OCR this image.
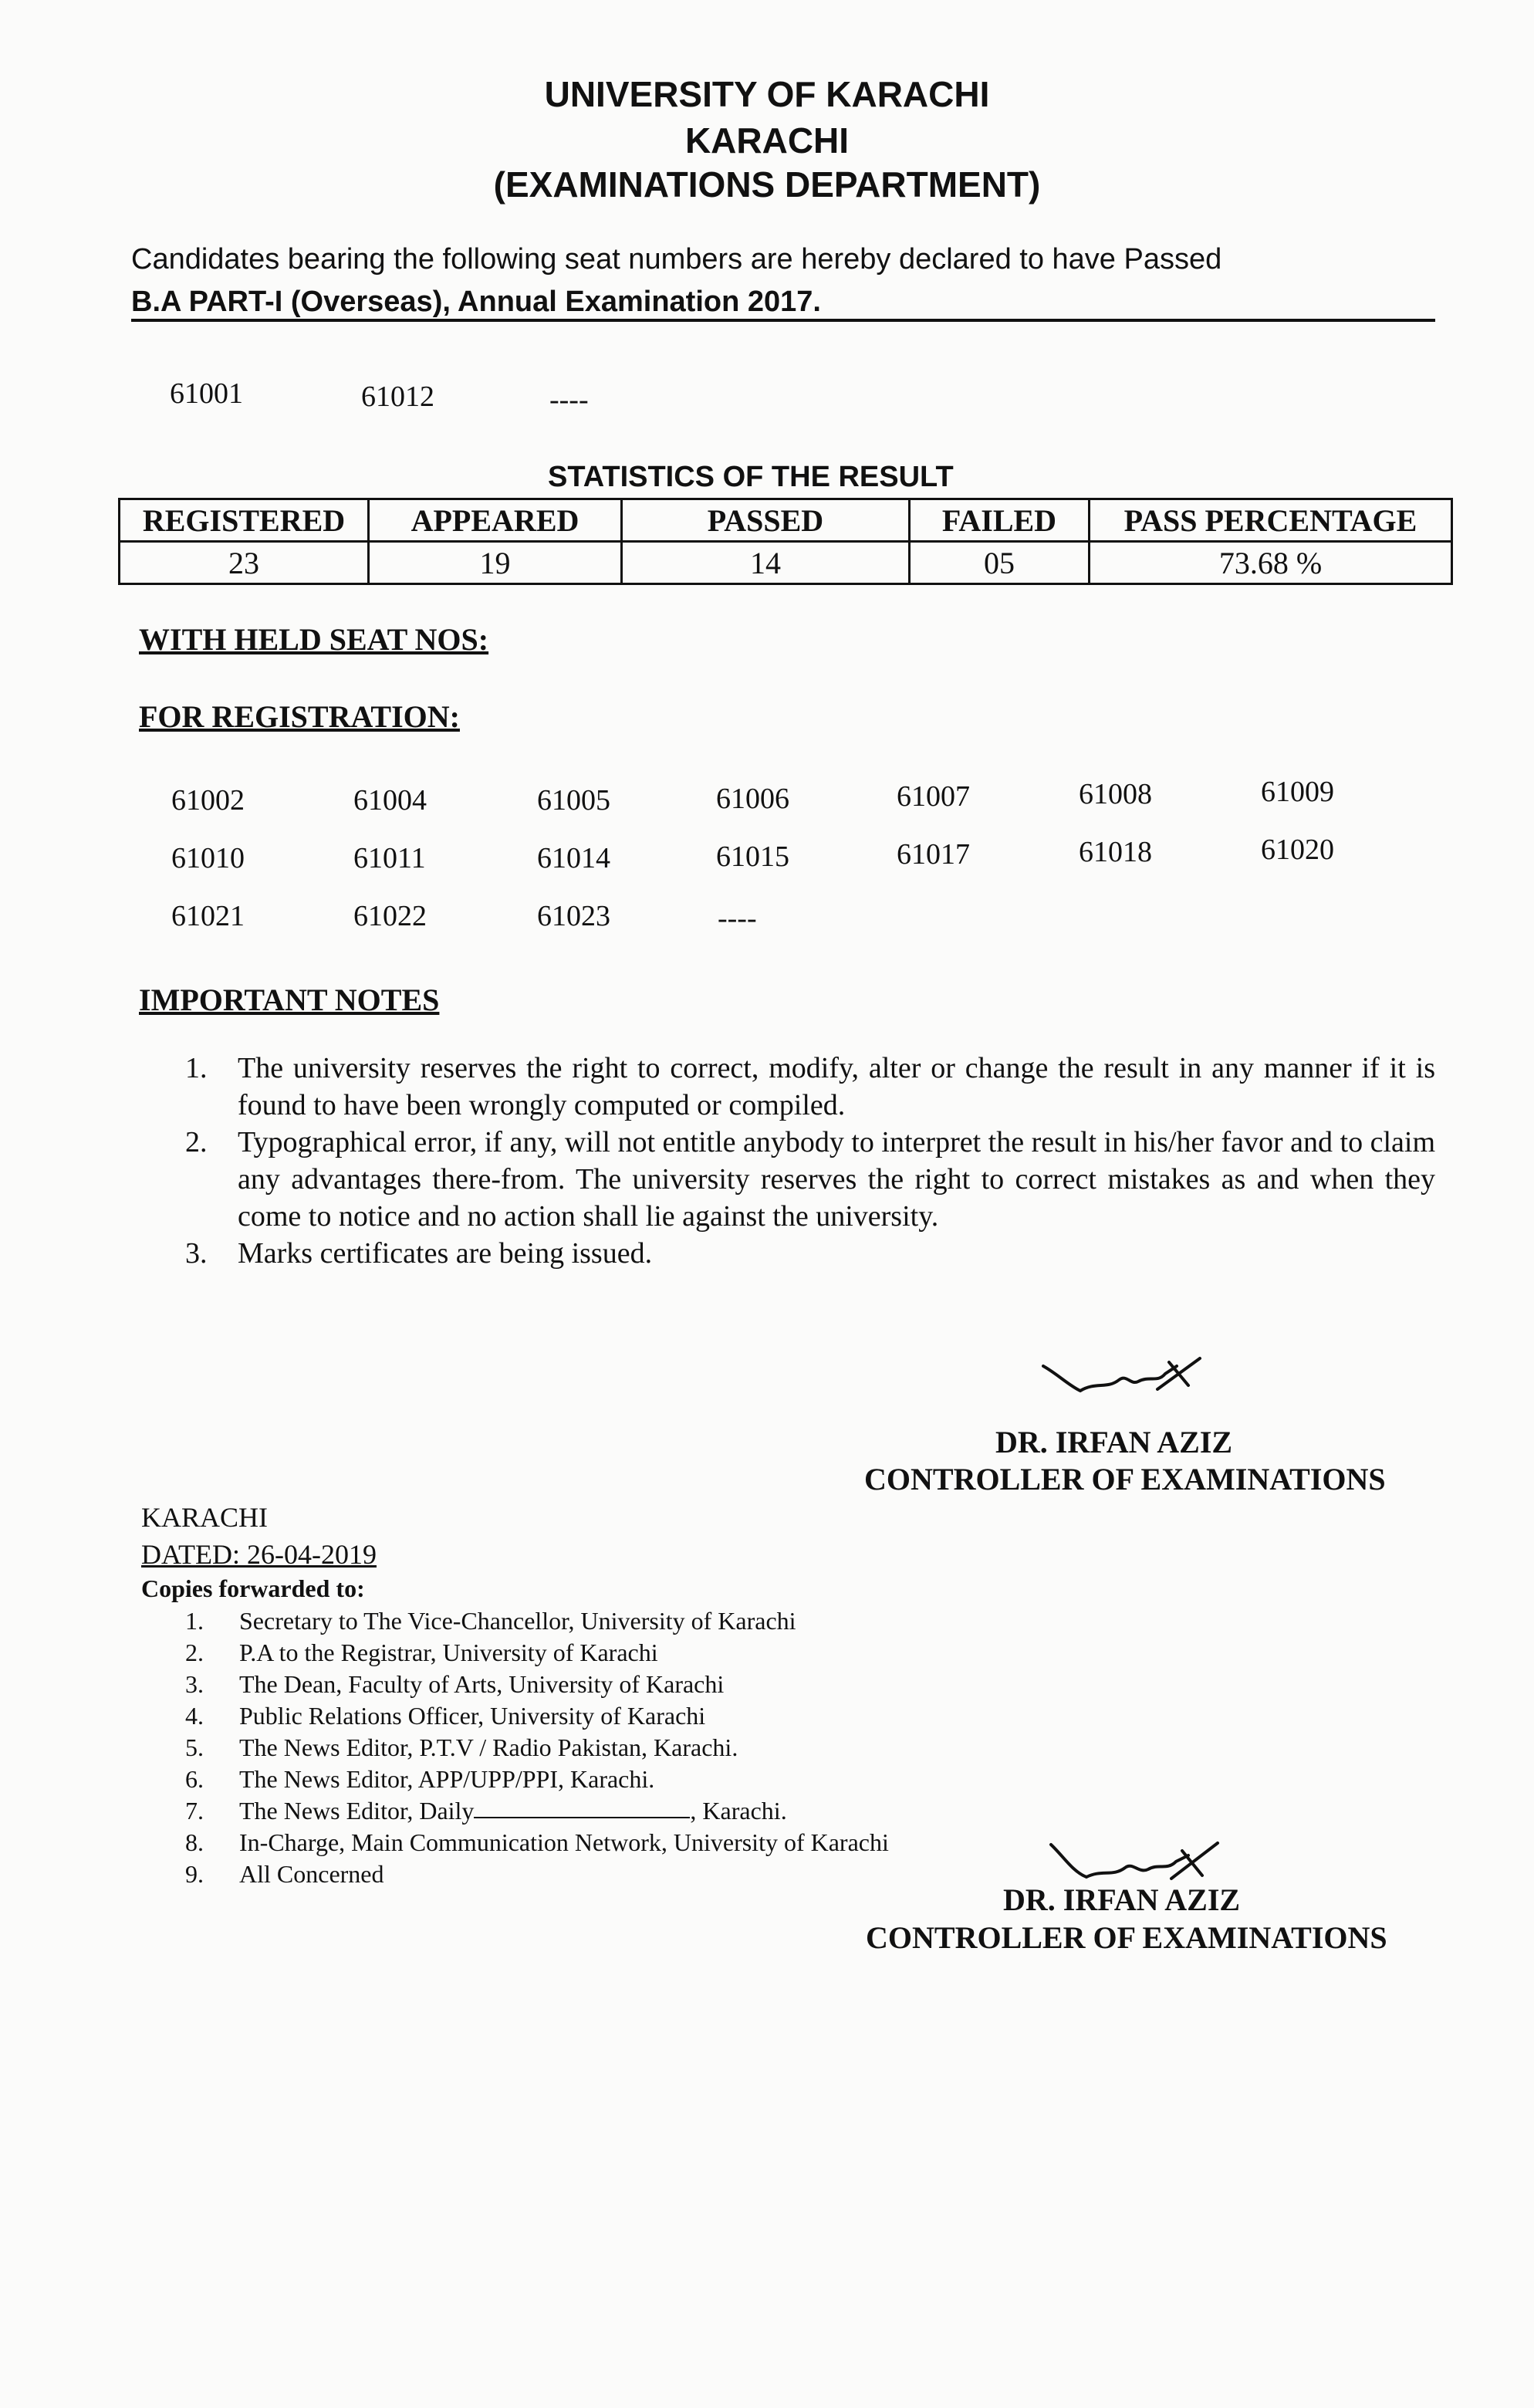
UNIVERSITY OF KARACHI
KARACHI
(EXAMINATIONS DEPARTMENT)
Candidates bearing the following seat numbers are hereby declared to have Passed
B.A PART-I (Overseas), Annual Examination 2017.
61001	61012	----
STATISTICS OF THE RESULT
REGISTERED	APPEARED	PASSED	FAILED	PASS PERCENTAGE
23	19	14	05	73.68 %
WITH HELD SEAT NOS:
FOR REGISTRATION:
61002	61004	61005	61006	61007	61008	61009
61010	61011	61014	61015	61017	61018	61020
61021	61022	61023	----
IMPORTANT NOTES
1.	The university reserves the right to correct, modify, alter or change the result in any manner if it is found to have been wrongly computed or compiled.
2.	Typographical error, if any, will not entitle anybody to interpret the result in his/her favor and to claim any advantages there-from. The university reserves the right to correct mistakes as and when they come to notice and no action shall lie against the university.
3.	Marks certificates are being issued.
DR. IRFAN AZIZ
CONTROLLER OF EXAMINATIONS
KARACHI
DATED: 26-04-2019
Copies forwarded to:
1.	Secretary to The Vice-Chancellor, University of Karachi
2.	P.A to the Registrar, University of Karachi
3.	The Dean, Faculty of Arts, University of Karachi
4.	Public Relations Officer, University of Karachi
5.	The News Editor, P.T.V / Radio Pakistan, Karachi.
6.	The News Editor, APP/UPP/PPI, Karachi.
7.	The News Editor, Daily	, Karachi.
8.	In-Charge, Main Communication Network, University of Karachi
9.	All Concerned
DR. IRFAN AZIZ
CONTROLLER OF EXAMINATIONS
